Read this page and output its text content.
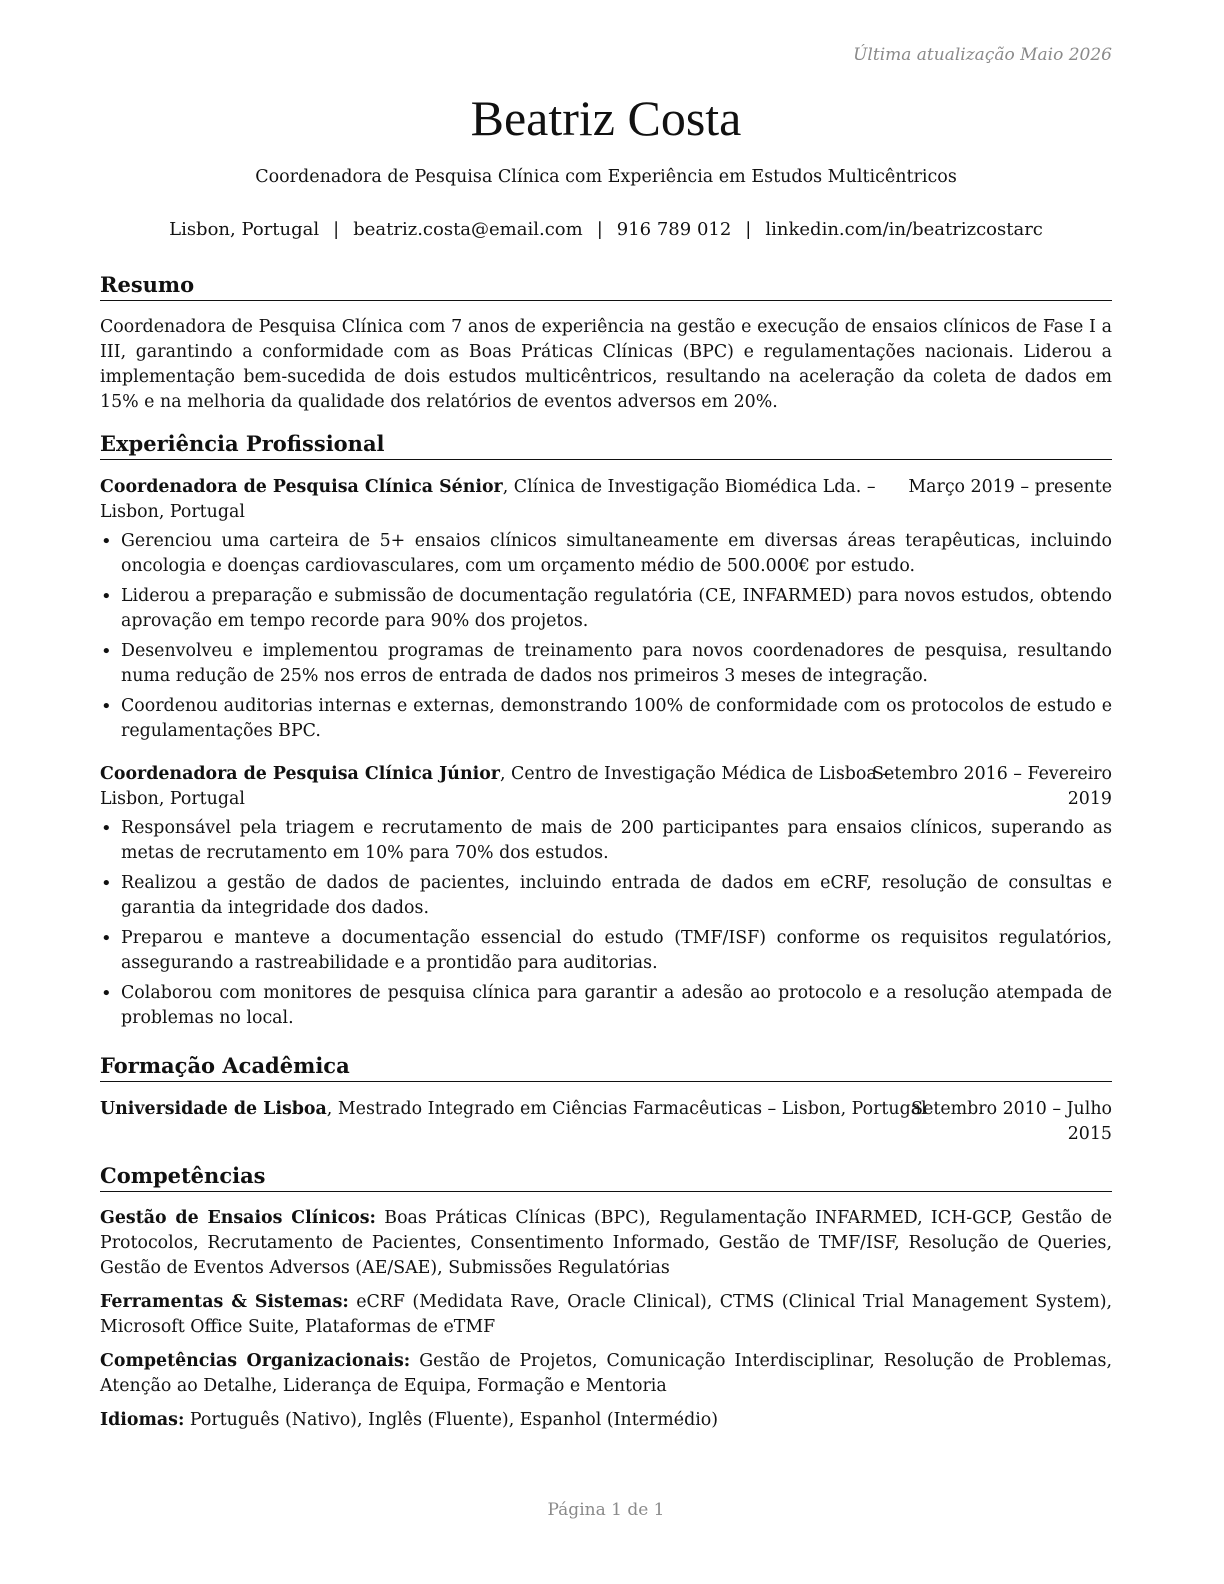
Última atualização Maio 2026
Beatriz Costa
Coordenadora de Pesquisa Clínica com Experiência em Estudos Multicêntricos
Lisbon, Portugal | beatriz.costa@email.com | 916 789 012 | linkedin.com/in/beatrizcostarc
Resumo

Coordenadora de Pesquisa Clínica com 7 anos de experiência na gestão e execução de ensaios clínicos de Fase I a III, garantindo a conformidade com as Boas Práticas Clínicas (BPC) e regulamentações nacionais. Liderou a implementação bem-sucedida de dois estudos multicêntricos, resultando na aceleração da coleta de dados em 15% e na melhoria da qualidade dos relatórios de eventos adversos em 20%.

Experiência Profissional
Coordenadora de Pesquisa Clínica Sénior, Clínica de Investigação Biomédica Lda. –
Lisbon, Portugal
Março 2019 – presente
• Gerenciou uma carteira de 5+ ensaios clínicos simultaneamente em diversas áreas terapêuticas, incluindo oncologia e doenças cardiovasculares, com um orçamento médio de 500.000€ por estudo.
• Liderou a preparação e submissão de documentação regulatória (CE, INFARMED) para novos estudos, obtendo aprovação em tempo recorde para 90% dos projetos.
• Desenvolveu e implementou programas de treinamento para novos coordenadores de pesquisa, resultando numa redução de 25% nos erros de entrada de dados nos primeiros 3 meses de integração.
• Coordenou auditorias internas e externas, demonstrando 100% de conformidade com os protocolos de estudo e regulamentações BPC.
Coordenadora de Pesquisa Clínica Júnior, Centro de Investigação Médica de Lisboa –
Lisbon, Portugal
Setembro 2016 – Fevereiro
2019
• Responsável pela triagem e recrutamento de mais de 200 participantes para ensaios clínicos, superando as metas de recrutamento em 10% para 70% dos estudos.
• Realizou a gestão de dados de pacientes, incluindo entrada de dados em eCRF, resolução de consultas e garantia da integridade dos dados.
• Preparou e manteve a documentação essencial do estudo (TMF/ISF) conforme os requisitos regulatórios, assegurando a rastreabilidade e a prontidão para auditorias.
• Colaborou com monitores de pesquisa clínica para garantir a adesão ao protocolo e a resolução atempada de problemas no local.
Formação Acadêmica
Universidade de Lisboa, Mestrado Integrado em Ciências Farmacêuticas – Lisbon, Portugal

Setembro 2010 – Julho
2015
Competências

Gestão de Ensaios Clínicos: Boas Práticas Clínicas (BPC), Regulamentação INFARMED, ICH-GCP, Gestão de Protocolos, Recrutamento de Pacientes, Consentimento Informado, Gestão de TMF/ISF, Resolução de Queries, Gestão de Eventos Adversos (AE/SAE), Submissões Regulatórias

Ferramentas & Sistemas: eCRF (Medidata Rave, Oracle Clinical), CTMS (Clinical Trial Management System), Microsoft Office Suite, Plataformas de eTMF

Competências Organizacionais: Gestão de Projetos, Comunicação Interdisciplinar, Resolução de Problemas, Atenção ao Detalhe, Liderança de Equipa, Formação e Mentoria

Idiomas: Português (Nativo), Inglês (Fluente), Espanhol (Intermédio)

Página 1 de 1
